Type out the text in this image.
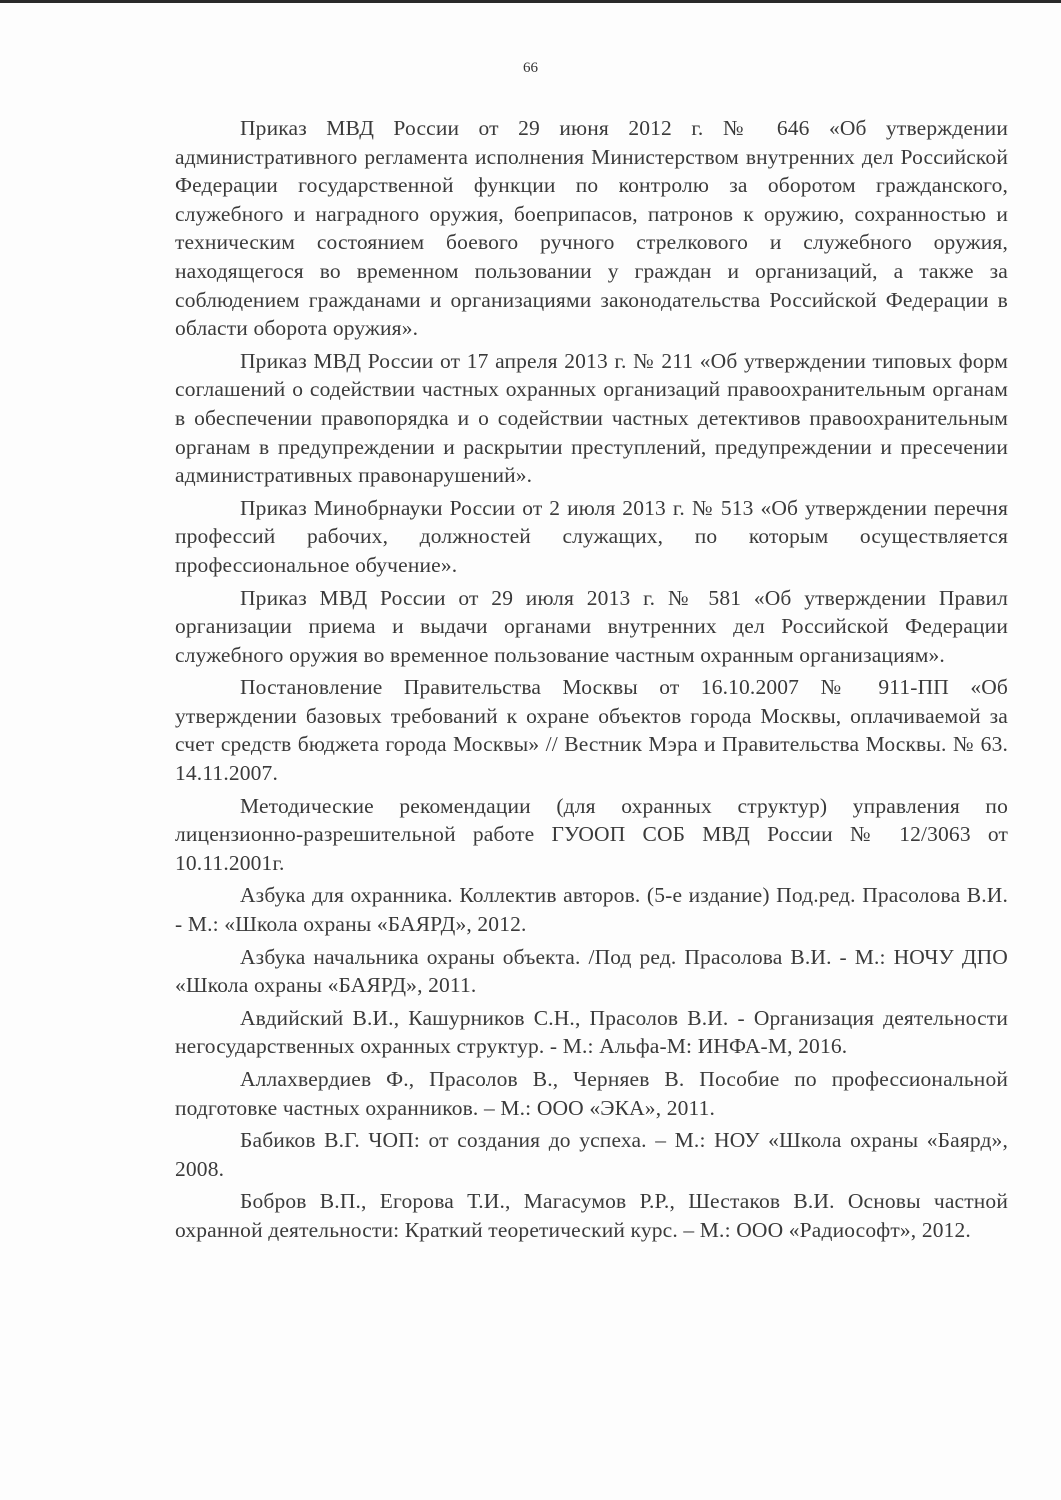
66

Приказ МВД России от 29 июня 2012 г. № 646 «Об утверждении административного регламента исполнения Министерством внутренних дел Российской Федерации государственной функции по контролю за оборотом гражданского, служебного и наградного оружия, боеприпасов, патронов к оружию, сохранностью и техническим состоянием боевого ручного стрелкового и служебного оружия, находящегося во временном пользовании у граждан и организаций, а также за соблюдением гражданами и организациями законодательства Российской Федерации в области оборота оружия».

Приказ МВД России от 17 апреля 2013 г. № 211 «Об утверждении типовых форм соглашений о содействии частных охранных организаций правоохранительным органам в обеспечении правопорядка и о содействии частных детективов правоохранительным органам в предупреждении и раскрытии преступлений, предупреждении и пресечении административных правонарушений».

Приказ Минобрнауки России от 2 июля 2013 г. № 513 «Об утверждении перечня профессий рабочих, должностей служащих, по которым осуществляется профессиональное обучение».

Приказ МВД России от 29 июля 2013 г. № 581 «Об утверждении Правил организации приема и выдачи органами внутренних дел Российской Федерации служебного оружия во временное пользование частным охранным организациям».

Постановление Правительства Москвы от 16.10.2007 № 911-ПП «Об утверждении базовых требований к охране объектов города Москвы, оплачиваемой за счет средств бюджета города Москвы» // Вестник Мэра и Правительства Москвы. № 63. 14.11.2007.

Методические рекомендации (для охранных структур) управления по лицензионно-разрешительной работе ГУООП СОБ МВД России № 12/3063 от 10.11.2001г.

Азбука для охранника. Коллектив авторов. (5-е издание) Под.ред. Прасолова В.И. - М.: «Школа охраны «БАЯРД», 2012.

Азбука начальника охраны объекта. /Под ред. Прасолова В.И. - М.: НОЧУ ДПО «Школа охраны «БАЯРД», 2011.

Авдийский В.И., Кашурников С.Н., Прасолов В.И. - Организация деятельности негосударственных охранных структур. - М.: Альфа-М: ИНФА-М, 2016.

Аллахвердиев Ф., Прасолов В., Черняев В. Пособие по профессиональной подготовке частных охранников. – М.: ООО «ЭКА», 2011.

Бабиков В.Г. ЧОП: от создания до успеха. – М.: НОУ «Школа охраны «Баярд», 2008.

Бобров В.П., Егорова Т.И., Магасумов Р.Р., Шестаков В.И. Основы частной охранной деятельности: Краткий теоретический курс. – М.: ООО «Радиософт», 2012.
